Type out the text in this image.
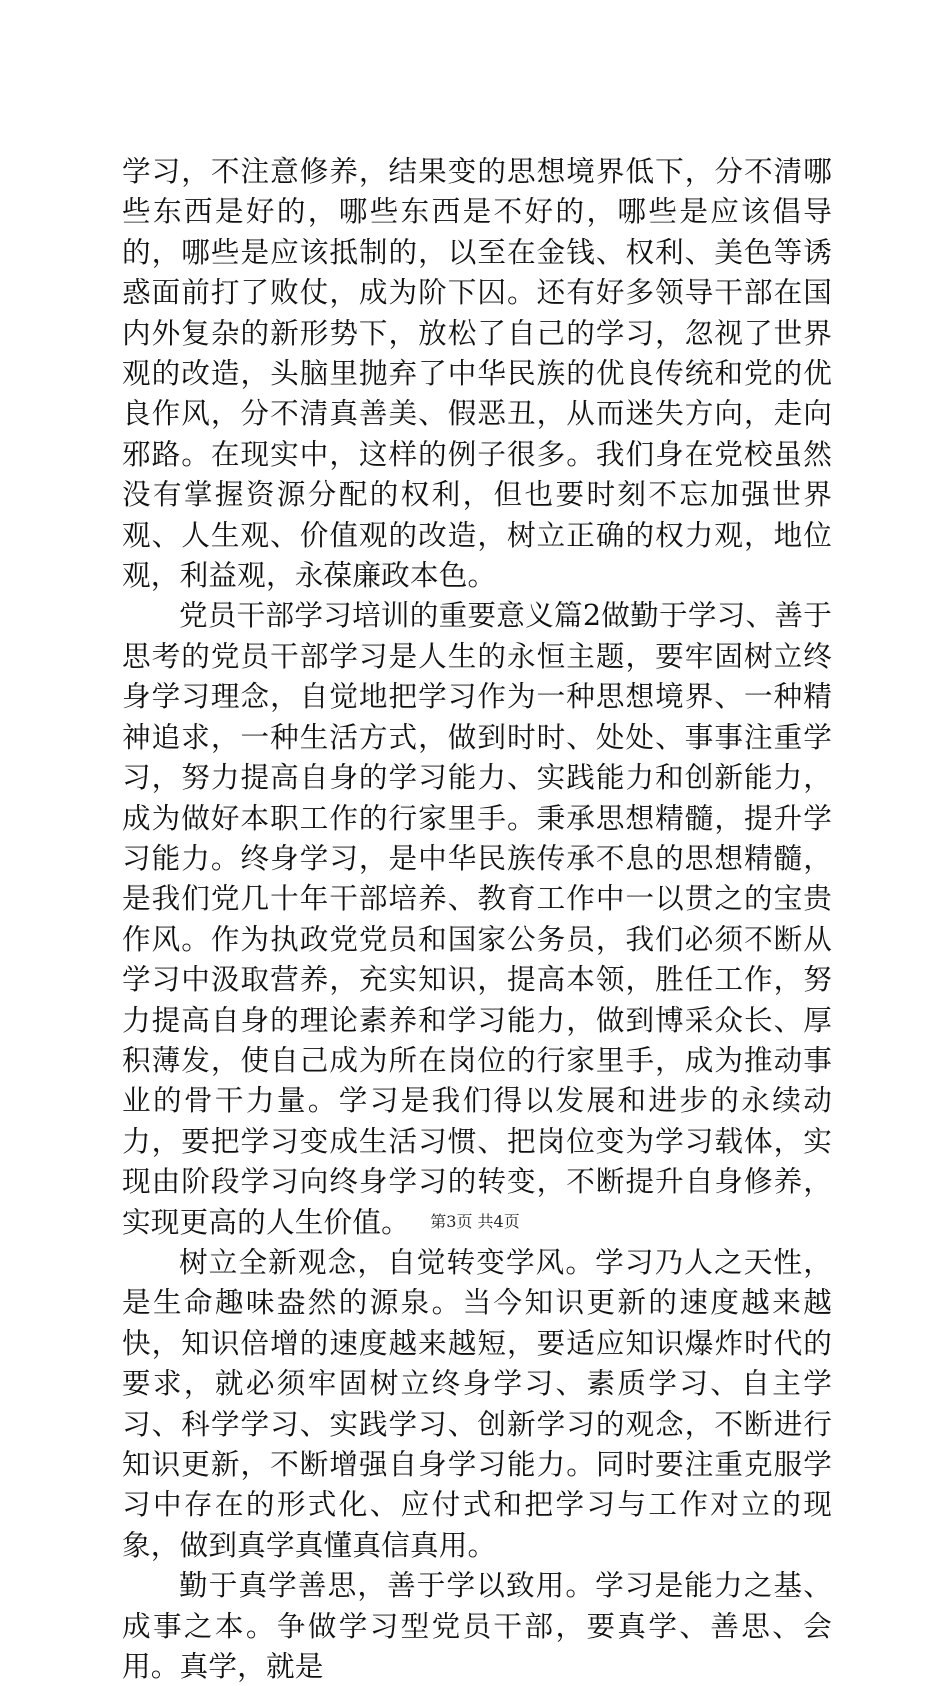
学习，不注意修养，结果变的思想境界低下，分不清哪些东西是好的，哪些东西是不好的，哪些是应该倡导的，哪些是应该抵制的，以至在金钱、权利、美色等诱惑面前打了败仗，成为阶下囚。还有好多领导干部在国内外复杂的新形势下，放松了自己的学习，忽视了世界观的改造，头脑里抛弃了中华民族的优良传统和党的优良作风，分不清真善美、假恶丑，从而迷失方向，走向邪路。在现实中，这样的例子很多。我们身在党校虽然没有掌握资源分配的权利，但也要时刻不忘加强世界观、人生观、价值观的改造，树立正确的权力观，地位观，利益观，永葆廉政本色。

党员干部学习培训的重要意义篇2做勤于学习、善于思考的党员干部学习是人生的永恒主题，要牢固树立终身学习理念，自觉地把学习作为一种思想境界、一种精神追求，一种生活方式，做到时时、处处、事事注重学习，努力提高自身的学习能力、实践能力和创新能力，成为做好本职工作的行家里手。秉承思想精髓，提升学习能力。终身学习，是中华民族传承不息的思想精髓，是我们党几十年干部培养、教育工作中一以贯之的宝贵作风。作为执政党党员和国家公务员，我们必须不断从学习中汲取营养，充实知识，提高本领，胜任工作，努力提高自身的理论素养和学习能力，做到博采众长、厚积薄发，使自己成为所在岗位的行家里手，成为推动事业的骨干力量。学习是我们得以发展和进步的永续动力，要把学习变成生活习惯、把岗位变为学习载体，实现由阶段学习向终身学习的转变，不断提升自身修养，实现更高的人生价值。

树立全新观念，自觉转变学风。学习乃人之天性，是生命趣味盎然的源泉。当今知识更新的速度越来越快，知识倍增的速度越来越短，要适应知识爆炸时代的要求，就必须牢固树立终身学习、素质学习、自主学习、科学学习、实践学习、创新学习的观念，不断进行知识更新，不断增强自身学习能力。同时要注重克服学习中存在的形式化、应付式和把学习与工作对立的现象，做到真学真懂真信真用。

勤于真学善思，善于学以致用。学习是能力之基、成事之本。争做学习型党员干部，要真学、善思、会用。真学，就是

第3页 共4页
